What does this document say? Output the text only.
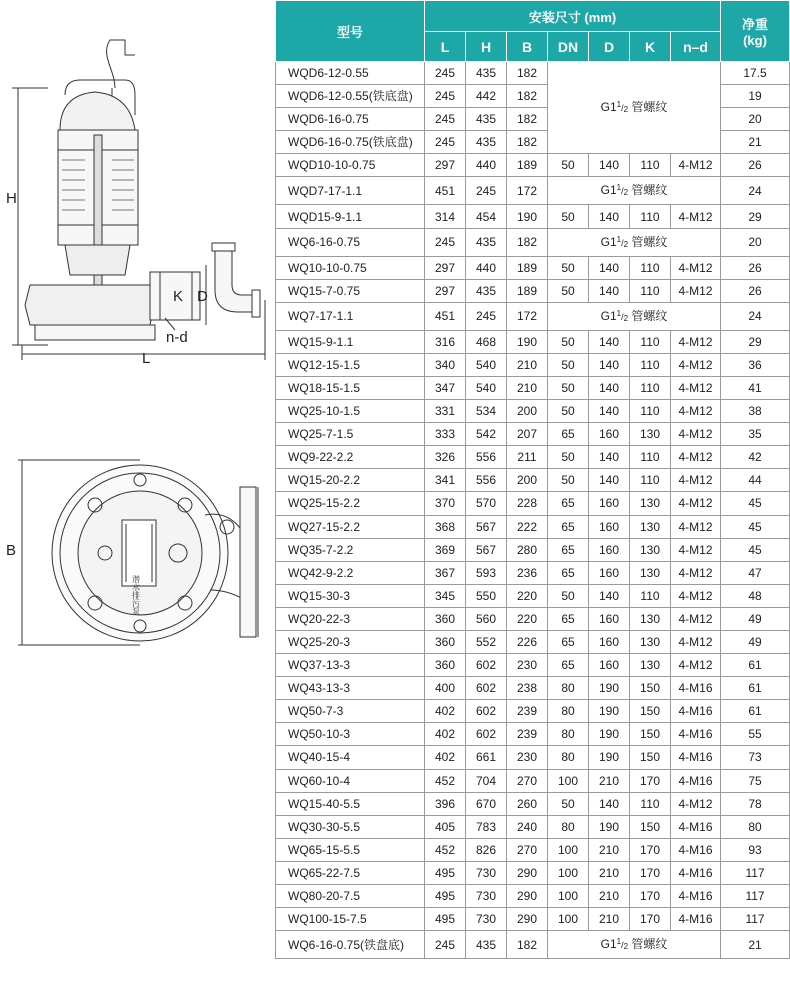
潜水排污泵
H
L
B
K D
n-d
型号	安装尺寸 (mm)							净重
(kg)

	L	H	B	DN	D	K	n–d	
WQD6-12-0.55	245	435	182	$G1^1/_2$ 管螺纹				17.5
WQD6-12-0.55(铁底盘)	245	442	182					19
WQD6-16-0.75	245	435	182					20
WQD6-16-0.75(铁底盘)	245	435	182					21
WQD10-10-0.75	297	440	189	50	140	110	4-M12	26
WQD7-17-1.1	451	245	172	$G1^1/_2$ 管螺纹				24
WQD15-9-1.1	314	454	190	50	140	110	4-M12	29
WQ6-16-0.75	245	435	182	$G1^1/_2$ 管螺纹				20
WQ10-10-0.75	297	440	189	50	140	110	4-M12	26
WQ15-7-0.75	297	435	189	50	140	110	4-M12	26
WQ7-17-1.1	451	245	172	$G1^1/_2$ 管螺纹				24
WQ15-9-1.1	316	468	190	50	140	110	4-M12	29
WQ12-15-1.5	340	540	210	50	140	110	4-M12	36
WQ18-15-1.5	347	540	210	50	140	110	4-M12	41
WQ25-10-1.5	331	534	200	50	140	110	4-M12	38
WQ25-7-1.5	333	542	207	65	160	130	4-M12	35
WQ9-22-2.2	326	556	211	50	140	110	4-M12	42
WQ15-20-2.2	341	556	200	50	140	110	4-M12	44
WQ25-15-2.2	370	570	228	65	160	130	4-M12	45
WQ27-15-2.2	368	567	222	65	160	130	4-M12	45
WQ35-7-2.2	369	567	280	65	160	130	4-M12	45
WQ42-9-2.2	367	593	236	65	160	130	4-M12	47
WQ15-30-3	345	550	220	50	140	110	4-M12	48
WQ20-22-3	360	560	220	65	160	130	4-M12	49
WQ25-20-3	360	552	226	65	160	130	4-M12	49
WQ37-13-3	360	602	230	65	160	130	4-M12	61
WQ43-13-3	400	602	238	80	190	150	4-M16	61
WQ50-7-3	402	602	239	80	190	150	4-M16	61
WQ50-10-3	402	602	239	80	190	150	4-M16	55
WQ40-15-4	402	661	230	80	190	150	4-M16	73
WQ60-10-4	452	704	270	100	210	170	4-M16	75
WQ15-40-5.5	396	670	260	50	140	110	4-M12	78
WQ30-30-5.5	405	783	240	80	190	150	4-M16	80
WQ65-15-5.5	452	826	270	100	210	170	4-M16	93
WQ65-22-7.5	495	730	290	100	210	170	4-M16	117
WQ80-20-7.5	495	730	290	100	210	170	4-M16	117
WQ100-15-7.5	495	730	290	100	210	170	4-M16	117
WQ6-16-0.75(铁盘底)	245	435	182	$G1^1/_2$ 管螺纹				21
